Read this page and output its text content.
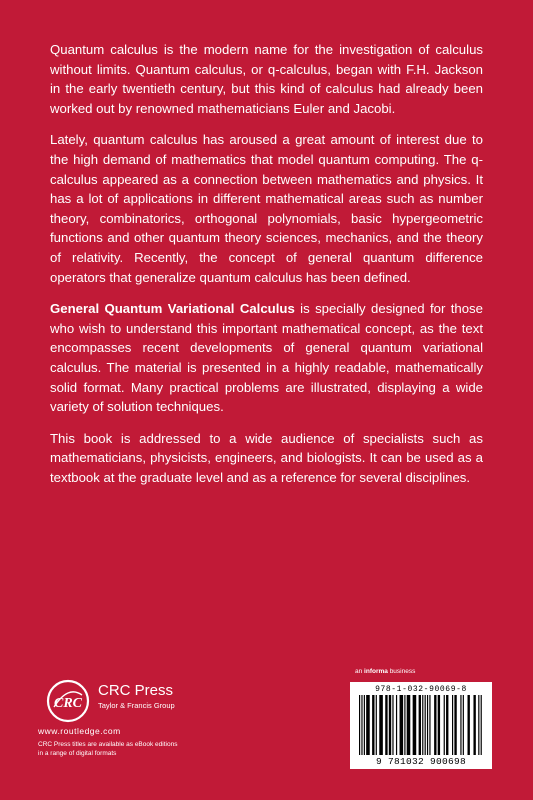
Quantum calculus is the modern name for the investigation of calculus without limits. Quantum calculus, or q-calculus, began with F.H. Jackson in the early twentieth century, but this kind of calculus had already been worked out by renowned mathematicians Euler and Jacobi.

Lately, quantum calculus has aroused a great amount of interest due to the high demand of mathematics that model quantum computing. The q-calculus appeared as a connection between mathematics and physics. It has a lot of applications in different mathematical areas such as number theory, combinatorics, orthogonal polynomials, basic hypergeometric functions and other quantum theory sciences, mechanics, and the theory of relativity. Recently, the concept of general quantum difference operators that generalize quantum calculus has been defined.

General Quantum Variational Calculus is specially designed for those who wish to understand this important mathematical concept, as the text encompasses recent developments of general quantum variational calculus. The material is presented in a highly readable, mathematically solid format. Many practical problems are illustrated, displaying a wide variety of solution techniques.

This book is addressed to a wide audience of specialists such as mathematicians, physicists, engineers, and biologists. It can be used as a textbook at the graduate level and as a reference for several disciplines.

CRC
CRC Press
Taylor & Francis Group
www.routledge.com
CRC Press titles are available as eBook editions in a range of digital formats
an informa business
978-1-032-90069-8
9 781032 900698
